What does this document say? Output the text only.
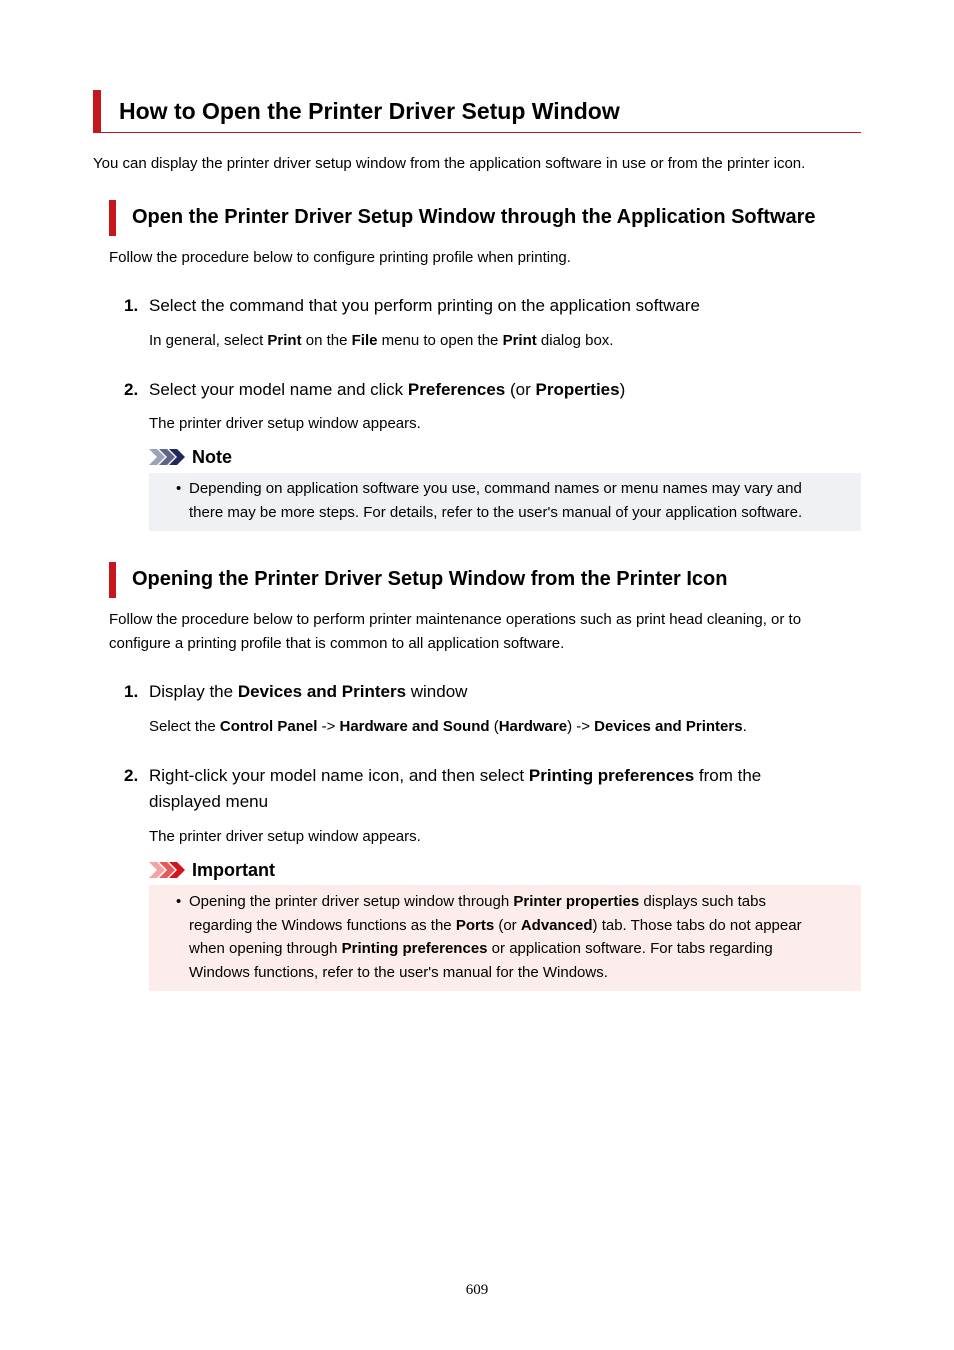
How to Open the Printer Driver Setup Window
You can display the printer driver setup window from the application software in use or from the printer icon.
Open the Printer Driver Setup Window through the Application Software
Follow the procedure below to configure printing profile when printing.
1. Select the command that you perform printing on the application software
In general, select Print on the File menu to open the Print dialog box.
2. Select your model name and click Preferences (or Properties)
The printer driver setup window appears.
Note
• Depending on application software you use, command names or menu names may vary and
there may be more steps. For details, refer to the user's manual of your application software.
Opening the Printer Driver Setup Window from the Printer Icon
Follow the procedure below to perform printer maintenance operations such as print head cleaning, or to
configure a printing profile that is common to all application software.
1. Display the Devices and Printers window
Select the Control Panel -> Hardware and Sound (Hardware) -> Devices and Printers.
2. Right-click your model name icon, and then select Printing preferences from the
displayed menu
The printer driver setup window appears.
Important
• Opening the printer driver setup window through Printer properties displays such tabs
regarding the Windows functions as the Ports (or Advanced) tab. Those tabs do not appear
when opening through Printing preferences or application software. For tabs regarding
Windows functions, refer to the user's manual for the Windows.
609
